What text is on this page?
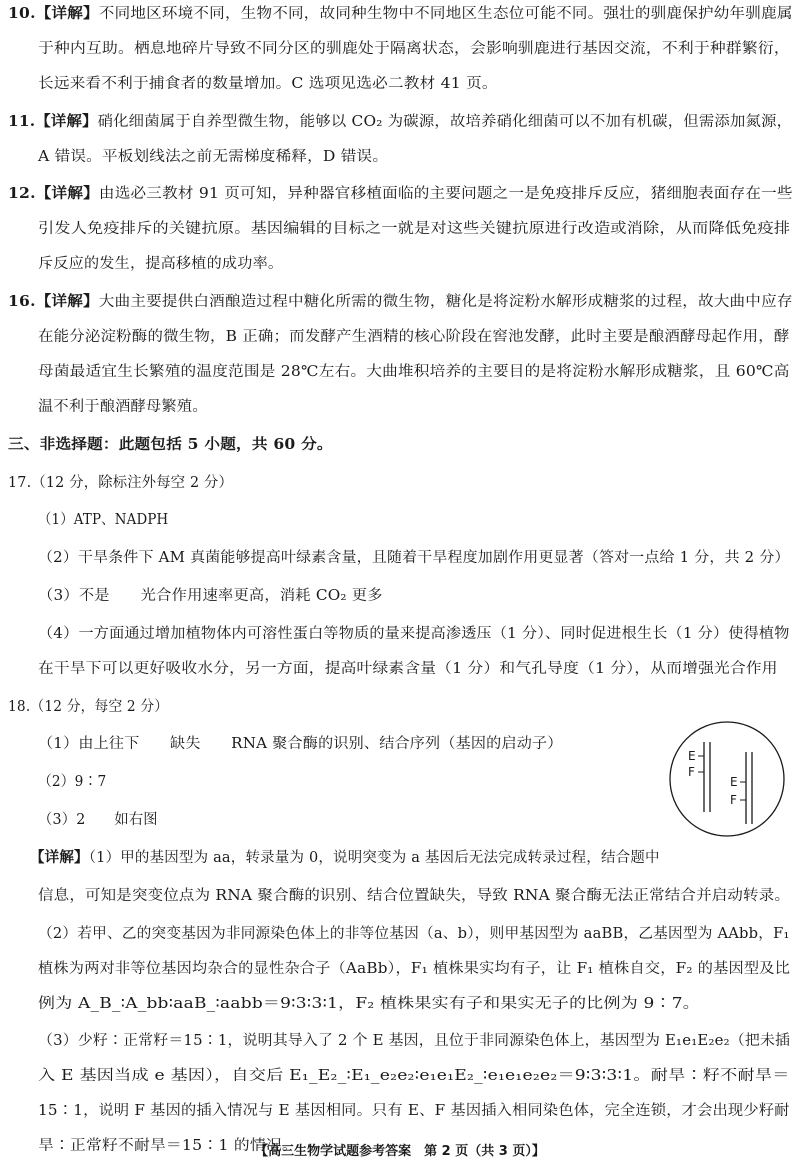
10.【详解】不同地区环境不同，生物不同，故同种生物中不同地区生态位可能不同。强壮的驯鹿保护幼年驯鹿属
于种内互助。栖息地碎片导致不同分区的驯鹿处于隔离状态，会影响驯鹿进行基因交流，不利于种群繁衍，
长远来看不利于捕食者的数量增加。C 选项见选必二教材 41 页。
11.【详解】硝化细菌属于自养型微生物，能够以 CO₂ 为碳源，故培养硝化细菌可以不加有机碳，但需添加氮源，
A 错误。平板划线法之前无需梯度稀释，D 错误。
12.【详解】由选必三教材 91 页可知，异种器官移植面临的主要问题之一是免疫排斥反应，猪细胞表面存在一些
引发人免疫排斥的关键抗原。基因编辑的目标之一就是对这些关键抗原进行改造或消除，从而降低免疫排
斥反应的发生，提高移植的成功率。
16.【详解】大曲主要提供白酒酿造过程中糖化所需的微生物，糖化是将淀粉水解形成糖浆的过程，故大曲中应存
在能分泌淀粉酶的微生物，B 正确；而发酵产生酒精的核心阶段在窖池发酵，此时主要是酿酒酵母起作用，酵
母菌最适宜生长繁殖的温度范围是 28℃左右。大曲堆积培养的主要目的是将淀粉水解形成糖浆，且 60℃高
温不利于酿酒酵母繁殖。
三、非选择题：此题包括 5 小题，共 60 分。
17.（12 分，除标注外每空 2 分）
（1）ATP、NADPH
（2）干旱条件下 AM 真菌能够提高叶绿素含量，且随着干旱程度加剧作用更显著（答对一点给 1 分，共 2 分）
（3）不是　　光合作用速率更高，消耗 CO₂ 更多
（4）一方面通过增加植物体内可溶性蛋白等物质的量来提高渗透压（1 分）、同时促进根生长（1 分）使得植物
在干旱下可以更好吸收水分，另一方面，提高叶绿素含量（1 分）和气孔导度（1 分），从而增强光合作用
18.（12 分，每空 2 分）
（1）由上往下　　缺失　　RNA 聚合酶的识别、结合序列（基因的启动子）
（2）9∶7
（3）2　　如右图
【详解】（1）甲的基因型为 aa，转录量为 0，说明突变为 a 基因后无法完成转录过程，结合题中
信息，可知是突变位点为 RNA 聚合酶的识别、结合位置缺失，导致 RNA 聚合酶无法正常结合并启动转录。
（2）若甲、乙的突变基因为非同源染色体上的非等位基因（a、b），则甲基因型为 aaBB，乙基因型为 AAbb，F₁
植株为两对非等位基因均杂合的显性杂合子（AaBb），F₁ 植株果实均有子，让 F₁ 植株自交，F₂ 的基因型及比
例为 A_B_∶A_bb∶aaB_∶aabb＝9∶3∶3∶1，F₂ 植株果实有子和果实无子的比例为 9∶7。
（3）少籽∶正常籽＝15∶1，说明其导入了 2 个 E 基因，且位于非同源染色体上，基因型为 E₁e₁E₂e₂（把未插
入 E 基因当成 e 基因），自交后 E₁_E₂_∶E₁_e₂e₂∶e₁e₁E₂_∶e₁e₁e₂e₂＝9∶3∶3∶1。耐旱∶籽不耐旱＝
15∶1，说明 F 基因的插入情况与 E 基因相同。只有 E、F 基因插入相同染色体，完全连锁，才会出现少籽耐
旱∶正常籽不耐旱＝15∶1 的情况。
E
F
E
F
【高三生物学试题参考答案　第 2 页（共 3 页）】
